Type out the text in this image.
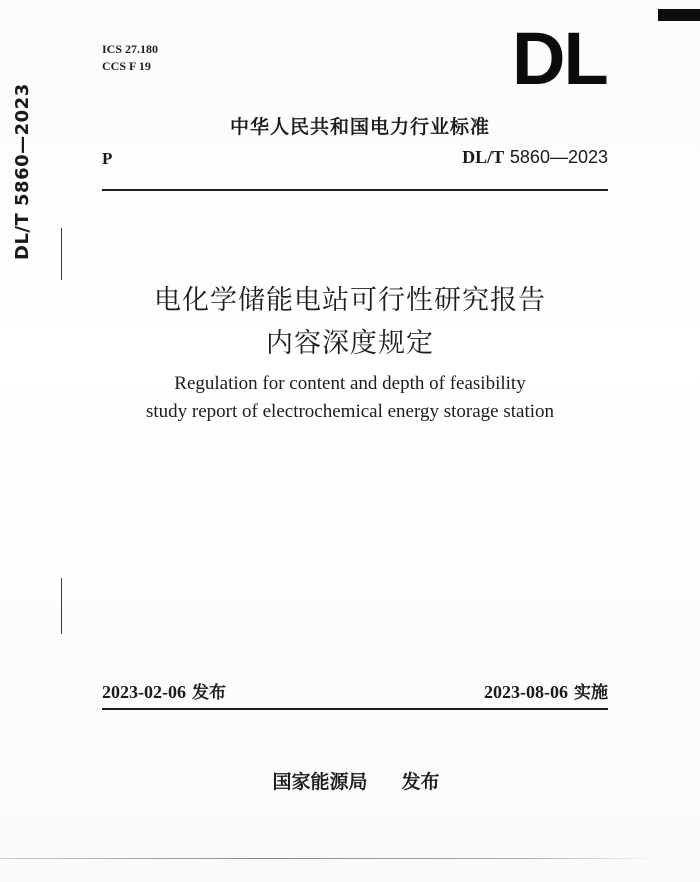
DL/T 5860—2023
ICS 27.180
CCS F 19	DL
中华人民共和国电力行业标准
P	DL/T 5860—2023
电化学储能电站可行性研究报告
内容深度规定
Regulation for content and depth of feasibility
study report of electrochemical energy storage station
2023-02-06 发布	2023-08-06 实施
国家能源局 发布
